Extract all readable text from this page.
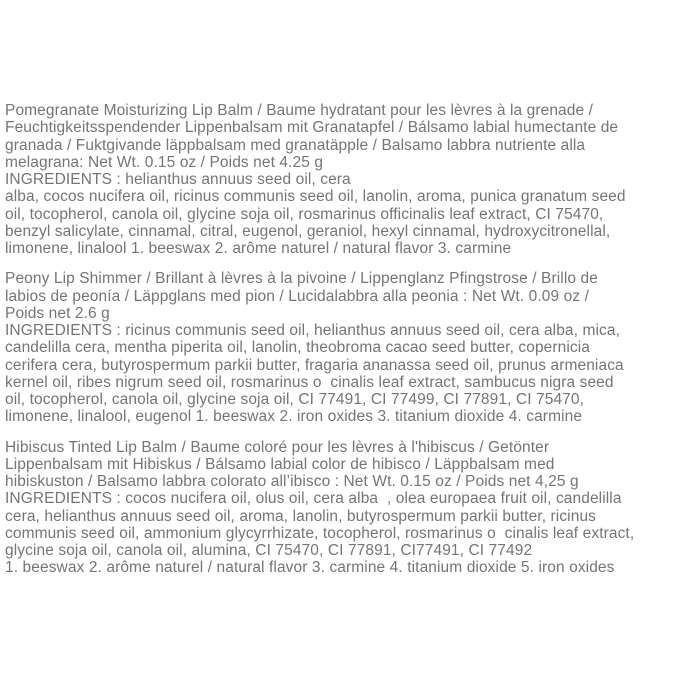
Pomegranate Moisturizing Lip Balm / Baume hydratant pour les lèvres à la grenade /
Feuchtigkeitsspendender Lippenbalsam mit Granatapfel / Bálsamo labial humectante de
granada / Fuktgivande läppbalsam med granatäpple / Balsamo labbra nutriente alla
melagrana: Net Wt. 0.15 oz / Poids net 4.25 g
INGREDIENTS : helianthus annuus seed oil, cera
alba, cocos nucifera oil, ricinus communis seed oil, lanolin, aroma, punica granatum seed
oil, tocopherol, canola oil, glycine soja oil, rosmarinus officinalis leaf extract, CI 75470,
benzyl salicylate, cinnamal, citral, eugenol, geraniol, hexyl cinnamal, hydroxycitronellal,
limonene, linalool 1. beeswax 2. arôme naturel / natural flavor 3. carmine
Peony Lip Shimmer / Brillant à lèvres à la pivoine / Lippenglanz Pfingstrose / Brillo de
labios de peonía / Läppglans med pion / Lucidalabbra alla peonia : Net Wt. 0.09 oz /
Poids net 2.6 g
INGREDIENTS : ricinus communis seed oil, helianthus annuus seed oil, cera alba, mica,
candelilla cera, mentha piperita oil, lanolin, theobroma cacao seed butter, copernicia
cerifera cera, butyrospermum parkii butter, fragaria ananassa seed oil, prunus armeniaca
kernel oil, ribes nigrum seed oil, rosmarinus o  cinalis leaf extract, sambucus nigra seed
oil, tocopherol, canola oil, glycine soja oil, CI 77491, CI 77499, CI 77891, CI 75470,
limonene, linalool, eugenol 1. beeswax 2. iron oxides 3. titanium dioxide 4. carmine
Hibiscus Tinted Lip Balm / Baume coloré pour les lèvres à l'hibiscus / Getönter
Lippenbalsam mit Hibiskus / Bálsamo labial color de hibisco / Läppbalsam med
hibiskuston / Balsamo labbra colorato all’ibisco : Net Wt. 0.15 oz / Poids net 4,25 g
INGREDIENTS : cocos nucifera oil, olus oil, cera alba  , olea europaea fruit oil, candelilla
cera, helianthus annuus seed oil, aroma, lanolin, butyrospermum parkii butter, ricinus
communis seed oil, ammonium glycyrrhizate, tocopherol, rosmarinus o  cinalis leaf extract,
glycine soja oil, canola oil, alumina, CI 75470, CI 77891, CI77491, CI 77492
1. beeswax 2. arôme naturel / natural flavor 3. carmine 4. titanium dioxide 5. iron oxides
